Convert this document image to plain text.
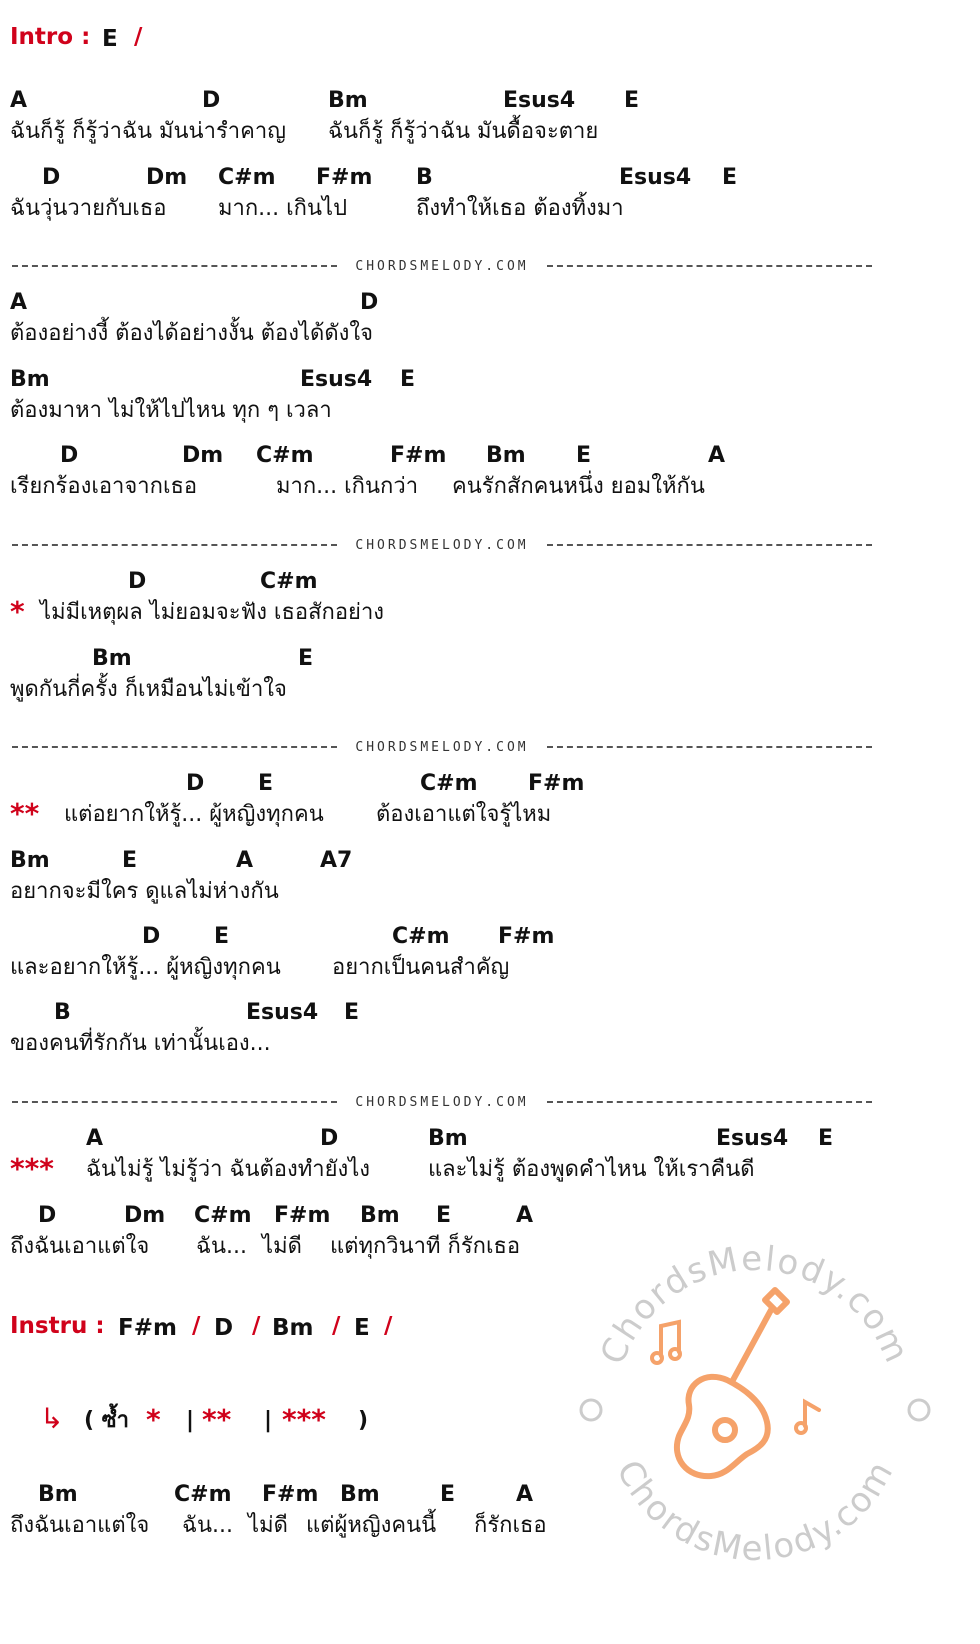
Intro : E /
A	D	Bm	Esus4 E
ฉันก็รู้ ก็รู้ว่าฉัน มันน่ารำคาญ ฉันก็รู้ ก็รู้ว่าฉัน มันดื้อจะตาย
D	Dm C#m F#m B	Esus4 E
ฉันวุ่นวายกับเธอ มาก... เกินไป	ถึงทำให้เธอ ต้องทิ้งมา
CHORDSMELODY.COM
A	D
ต้องอย่างงี้ ต้องได้อย่างงั้น ต้องได้ดังใจ
Bm	Esus4 E
ต้องมาหา ไม่ให้ไปไหน ทุก ๆ เวลา
D	Dm C#m	F#m Bm E	A
เรียกร้องเอาจากเธอ	มาก... เกินกว่า คนรักสักคนหนึ่ง ยอมให้กัน
CHORDSMELODY.COM
D	C#m
* ไม่มีเหตุผล ไม่ยอมจะฟัง เธอสักอย่าง
Bm	E
พูดกันกี่ครั้ง ก็เหมือนไม่เข้าใจ
CHORDSMELODY.COM
D E	C#m F#m
** แต่อยากให้รู้... ผู้หญิงทุกคน ต้องเอาแต่ใจรู้ไหม
Bm	E	A	A7
อยากจะมีใคร ดูแลไม่ห่างกัน
D E	C#m F#m
และอยากให้รู้... ผู้หญิงทุกคน อยากเป็นคนสำคัญ
B	Esus4 E
ของคนที่รักกัน เท่านั้นเอง...
CHORDSMELODY.COM
ChordsMelody.com
ChordsMelody.com
A	D	Bm	Esus4 E
*** ฉันไม่รู้ ไม่รู้ว่า ฉันต้องทำยังไง	และไม่รู้ ต้องพูดคำไหน ให้เราคืนดี
D	Dm C#m F#m Bm E	A
ถึงฉันเอาแต่ใจ ฉัน... ไม่ดี แต่ทุกวินาที ก็รักเธอ
Instru : F#m / D / Bm / E /
↳ ( ซ้ำ * | ** | *** )
Bm	C#m F#m Bm	E	A
ถึงฉันเอาแต่ใจ ฉัน... ไม่ดี แต่ผู้หญิงคนนี้ ก็รักเธอ
